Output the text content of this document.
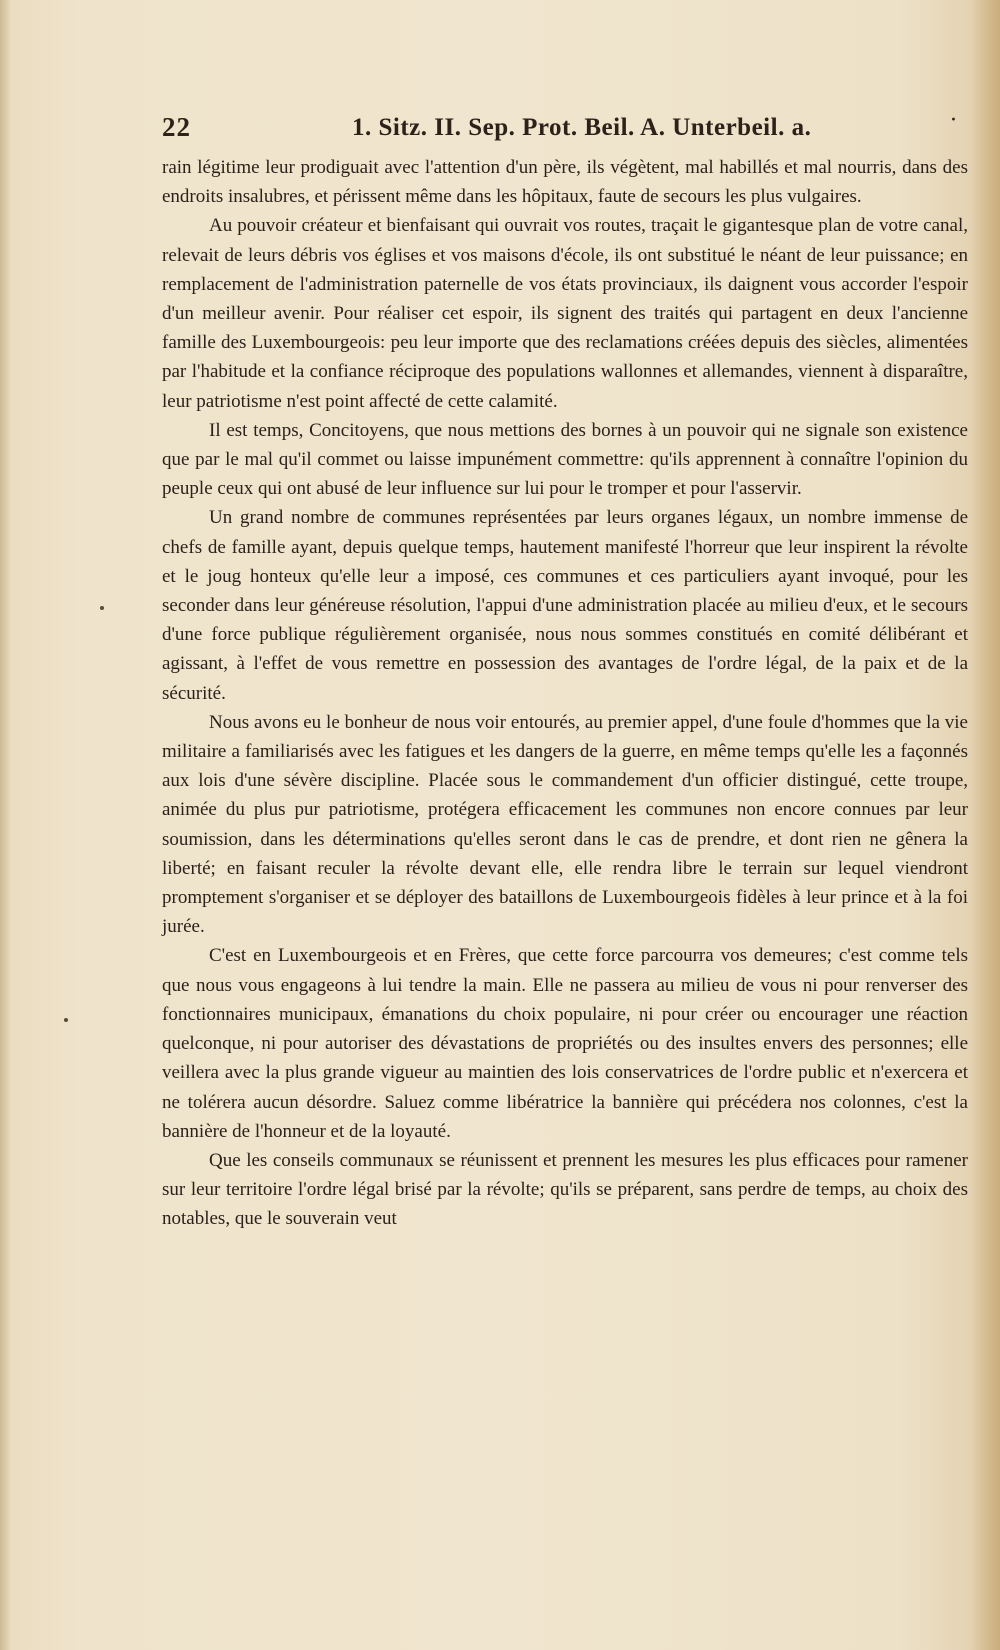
22	1. Sitz. II. Sep. Prot. Beil. A. Unterbeil. a.	·

rain légitime leur prodiguait avec l'attention d'un père, ils végètent, mal habillés et mal nourris, dans des endroits insalubres, et périssent même dans les hôpitaux, faute de secours les plus vulgaires.

Au pouvoir créateur et bienfaisant qui ouvrait vos routes, traçait le gigantesque plan de votre canal, relevait de leurs débris vos églises et vos maisons d'école, ils ont substitué le néant de leur puissance; en remplacement de l'administration paternelle de vos états provinciaux, ils daignent vous accorder l'espoir d'un meilleur avenir. Pour réaliser cet espoir, ils signent des traités qui partagent en deux l'ancienne famille des Luxembourgeois: peu leur importe que des reclamations créées depuis des siècles, alimentées par l'habitude et la confiance réciproque des populations wallonnes et allemandes, viennent à disparaître, leur patriotisme n'est point affecté de cette calamité.

Il est temps, Concitoyens, que nous mettions des bornes à un pouvoir qui ne signale son existence que par le mal qu'il commet ou laisse impunément commettre: qu'ils apprennent à connaître l'opinion du peuple ceux qui ont abusé de leur influence sur lui pour le tromper et pour l'asservir.

Un grand nombre de communes représentées par leurs organes légaux, un nombre immense de chefs de famille ayant, depuis quelque temps, hautement manifesté l'horreur que leur inspirent la révolte et le joug honteux qu'elle leur a imposé, ces communes et ces particuliers ayant invoqué, pour les seconder dans leur généreuse résolution, l'appui d'une administration placée au milieu d'eux, et le secours d'une force publique régulièrement organisée, nous nous sommes constitués en comité délibérant et agissant, à l'effet de vous remettre en possession des avantages de l'ordre légal, de la paix et de la sécurité.

Nous avons eu le bonheur de nous voir entourés, au premier appel, d'une foule d'hommes que la vie militaire a familiarisés avec les fatigues et les dangers de la guerre, en même temps qu'elle les a façonnés aux lois d'une sévère discipline. Placée sous le commandement d'un officier distingué, cette troupe, animée du plus pur patriotisme, protégera efficacement les communes non encore connues par leur soumission, dans les déterminations qu'elles seront dans le cas de prendre, et dont rien ne gênera la liberté; en faisant reculer la révolte devant elle, elle rendra libre le terrain sur lequel viendront promptement s'organiser et se déployer des bataillons de Luxembourgeois fidèles à leur prince et à la foi jurée.

C'est en Luxembourgeois et en Frères, que cette force parcourra vos demeures; c'est comme tels que nous vous engageons à lui tendre la main. Elle ne passera au milieu de vous ni pour renverser des fonctionnaires municipaux, émanations du choix populaire, ni pour créer ou encourager une réaction quelconque, ni pour autoriser des dévastations de propriétés ou des insultes envers des personnes; elle veillera avec la plus grande vigueur au maintien des lois conservatrices de l'ordre public et n'exercera et ne tolérera aucun désordre. Saluez comme libératrice la bannière qui précédera nos colonnes, c'est la bannière de l'honneur et de la loyauté.

Que les conseils communaux se réunissent et prennent les mesures les plus efficaces pour ramener sur leur territoire l'ordre légal brisé par la révolte; qu'ils se préparent, sans perdre de temps, au choix des notables, que le souverain veut
